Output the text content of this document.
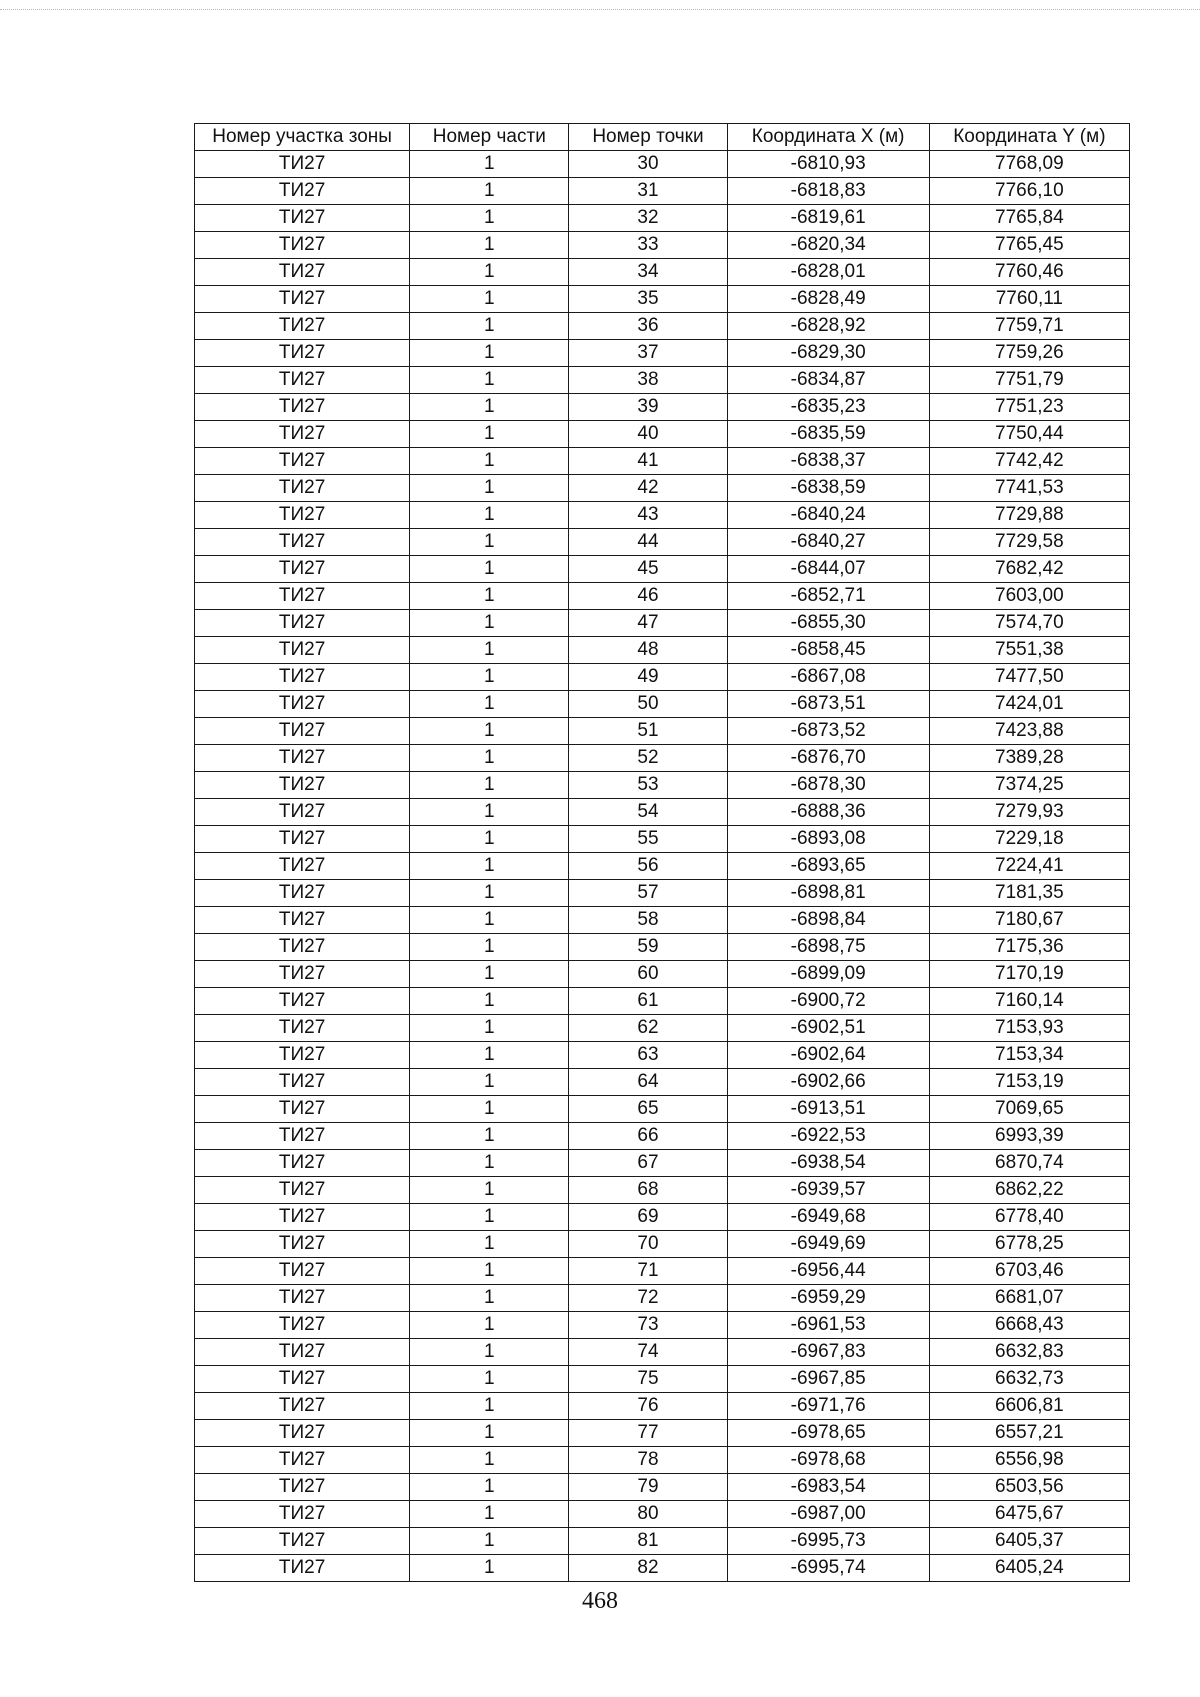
Номер участка зоны	Номер части	Номер точки	Координата X (м)	Координата Y (м)
ТИ27	1	30	-6810,93	7768,09
ТИ27	1	31	-6818,83	7766,10
ТИ27	1	32	-6819,61	7765,84
ТИ27	1	33	-6820,34	7765,45
ТИ27	1	34	-6828,01	7760,46
ТИ27	1	35	-6828,49	7760,11
ТИ27	1	36	-6828,92	7759,71
ТИ27	1	37	-6829,30	7759,26
ТИ27	1	38	-6834,87	7751,79
ТИ27	1	39	-6835,23	7751,23
ТИ27	1	40	-6835,59	7750,44
ТИ27	1	41	-6838,37	7742,42
ТИ27	1	42	-6838,59	7741,53
ТИ27	1	43	-6840,24	7729,88
ТИ27	1	44	-6840,27	7729,58
ТИ27	1	45	-6844,07	7682,42
ТИ27	1	46	-6852,71	7603,00
ТИ27	1	47	-6855,30	7574,70
ТИ27	1	48	-6858,45	7551,38
ТИ27	1	49	-6867,08	7477,50
ТИ27	1	50	-6873,51	7424,01
ТИ27	1	51	-6873,52	7423,88
ТИ27	1	52	-6876,70	7389,28
ТИ27	1	53	-6878,30	7374,25
ТИ27	1	54	-6888,36	7279,93
ТИ27	1	55	-6893,08	7229,18
ТИ27	1	56	-6893,65	7224,41
ТИ27	1	57	-6898,81	7181,35
ТИ27	1	58	-6898,84	7180,67
ТИ27	1	59	-6898,75	7175,36
ТИ27	1	60	-6899,09	7170,19
ТИ27	1	61	-6900,72	7160,14
ТИ27	1	62	-6902,51	7153,93
ТИ27	1	63	-6902,64	7153,34
ТИ27	1	64	-6902,66	7153,19
ТИ27	1	65	-6913,51	7069,65
ТИ27	1	66	-6922,53	6993,39
ТИ27	1	67	-6938,54	6870,74
ТИ27	1	68	-6939,57	6862,22
ТИ27	1	69	-6949,68	6778,40
ТИ27	1	70	-6949,69	6778,25
ТИ27	1	71	-6956,44	6703,46
ТИ27	1	72	-6959,29	6681,07
ТИ27	1	73	-6961,53	6668,43
ТИ27	1	74	-6967,83	6632,83
ТИ27	1	75	-6967,85	6632,73
ТИ27	1	76	-6971,76	6606,81
ТИ27	1	77	-6978,65	6557,21
ТИ27	1	78	-6978,68	6556,98
ТИ27	1	79	-6983,54	6503,56
ТИ27	1	80	-6987,00	6475,67
ТИ27	1	81	-6995,73	6405,37
ТИ27	1	82	-6995,74	6405,24
468
